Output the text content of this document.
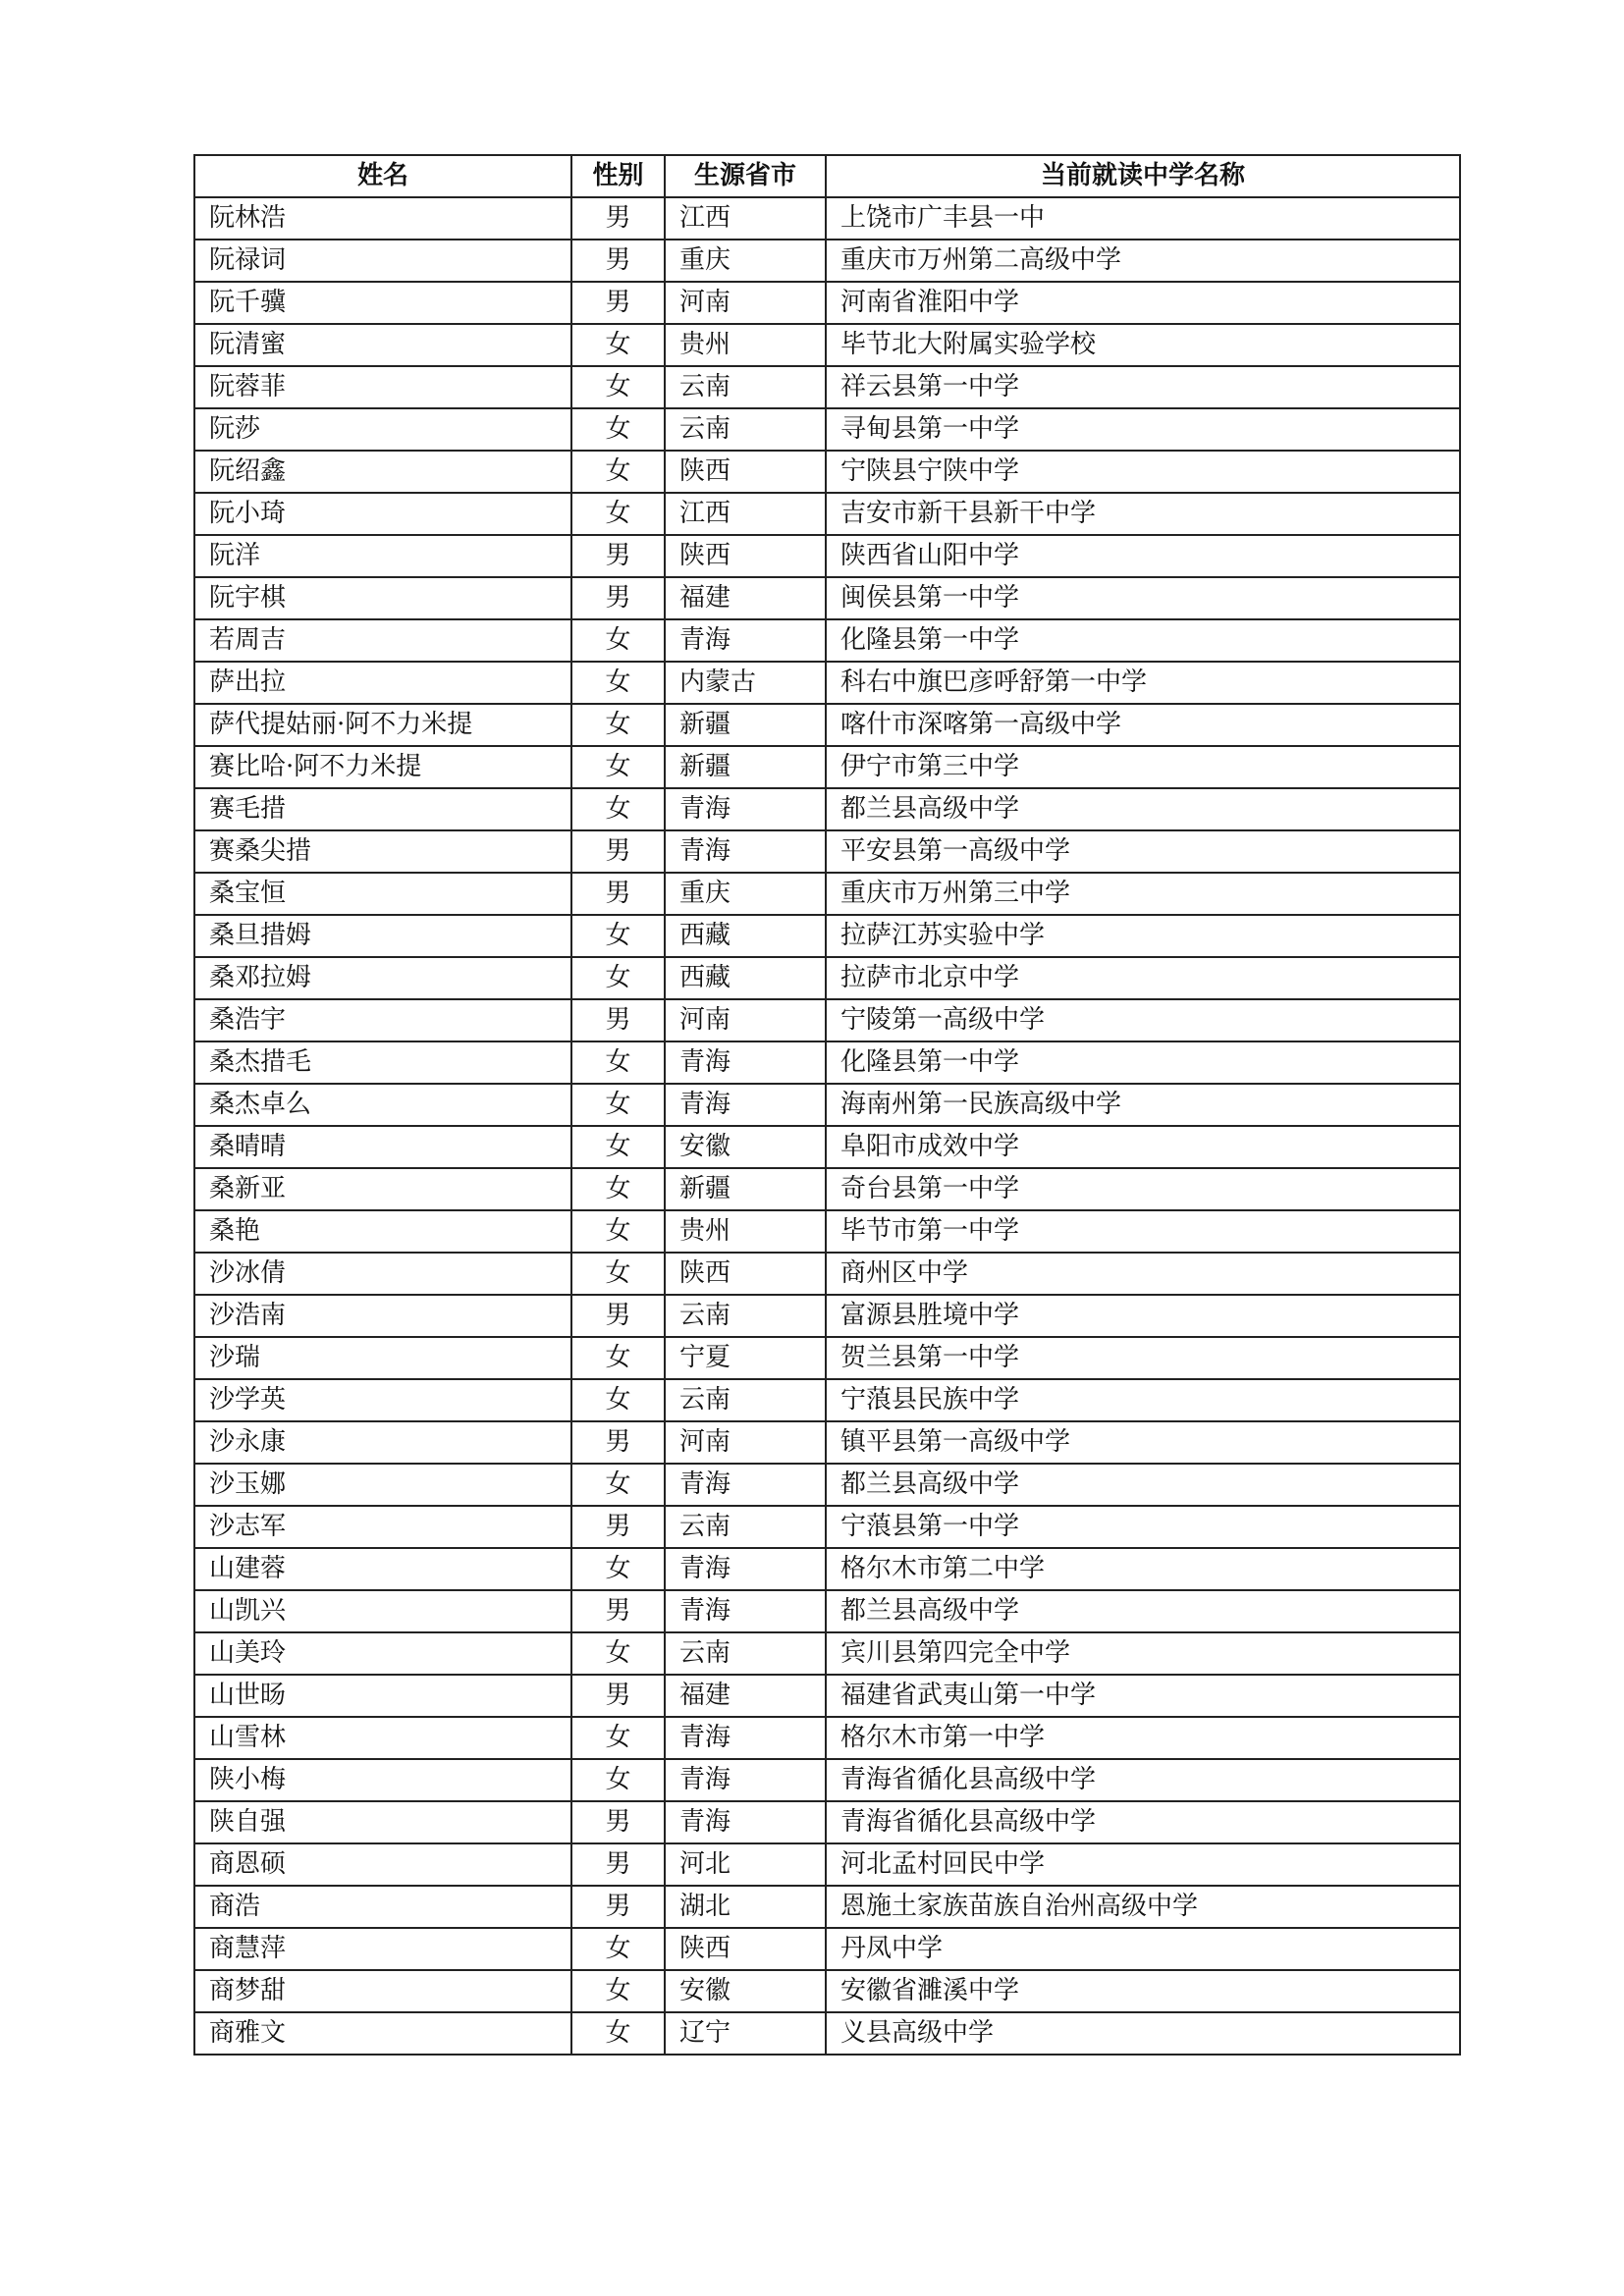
姓名	性别	生源省市	当前就读中学名称
阮林浩	男	江西	上饶市广丰县一中
阮禄词	男	重庆	重庆市万州第二高级中学
阮千骥	男	河南	河南省淮阳中学
阮清蜜	女	贵州	毕节北大附属实验学校
阮蓉菲	女	云南	祥云县第一中学
阮莎	女	云南	寻甸县第一中学
阮绍鑫	女	陕西	宁陕县宁陕中学
阮小琦	女	江西	吉安市新干县新干中学
阮洋	男	陕西	陕西省山阳中学
阮宇棋	男	福建	闽侯县第一中学
若周吉	女	青海	化隆县第一中学
萨出拉	女	内蒙古	科右中旗巴彦呼舒第一中学
萨代提姑丽·阿不力米提	女	新疆	喀什市深喀第一高级中学
赛比哈·阿不力米提	女	新疆	伊宁市第三中学
赛毛措	女	青海	都兰县高级中学
赛桑尖措	男	青海	平安县第一高级中学
桑宝恒	男	重庆	重庆市万州第三中学
桑旦措姆	女	西藏	拉萨江苏实验中学
桑邓拉姆	女	西藏	拉萨市北京中学
桑浩宇	男	河南	宁陵第一高级中学
桑杰措毛	女	青海	化隆县第一中学
桑杰卓么	女	青海	海南州第一民族高级中学
桑晴晴	女	安徽	阜阳市成效中学
桑新亚	女	新疆	奇台县第一中学
桑艳	女	贵州	毕节市第一中学
沙冰倩	女	陕西	商州区中学
沙浩南	男	云南	富源县胜境中学
沙瑞	女	宁夏	贺兰县第一中学
沙学英	女	云南	宁蒗县民族中学
沙永康	男	河南	镇平县第一高级中学
沙玉娜	女	青海	都兰县高级中学
沙志军	男	云南	宁蒗县第一中学
山建蓉	女	青海	格尔木市第二中学
山凯兴	男	青海	都兰县高级中学
山美玲	女	云南	宾川县第四完全中学
山世旸	男	福建	福建省武夷山第一中学
山雪林	女	青海	格尔木市第一中学
陕小梅	女	青海	青海省循化县高级中学
陕自强	男	青海	青海省循化县高级中学
商恩硕	男	河北	河北孟村回民中学
商浩	男	湖北	恩施土家族苗族自治州高级中学
商慧萍	女	陕西	丹凤中学
商梦甜	女	安徽	安徽省濉溪中学
商雅文	女	辽宁	义县高级中学
